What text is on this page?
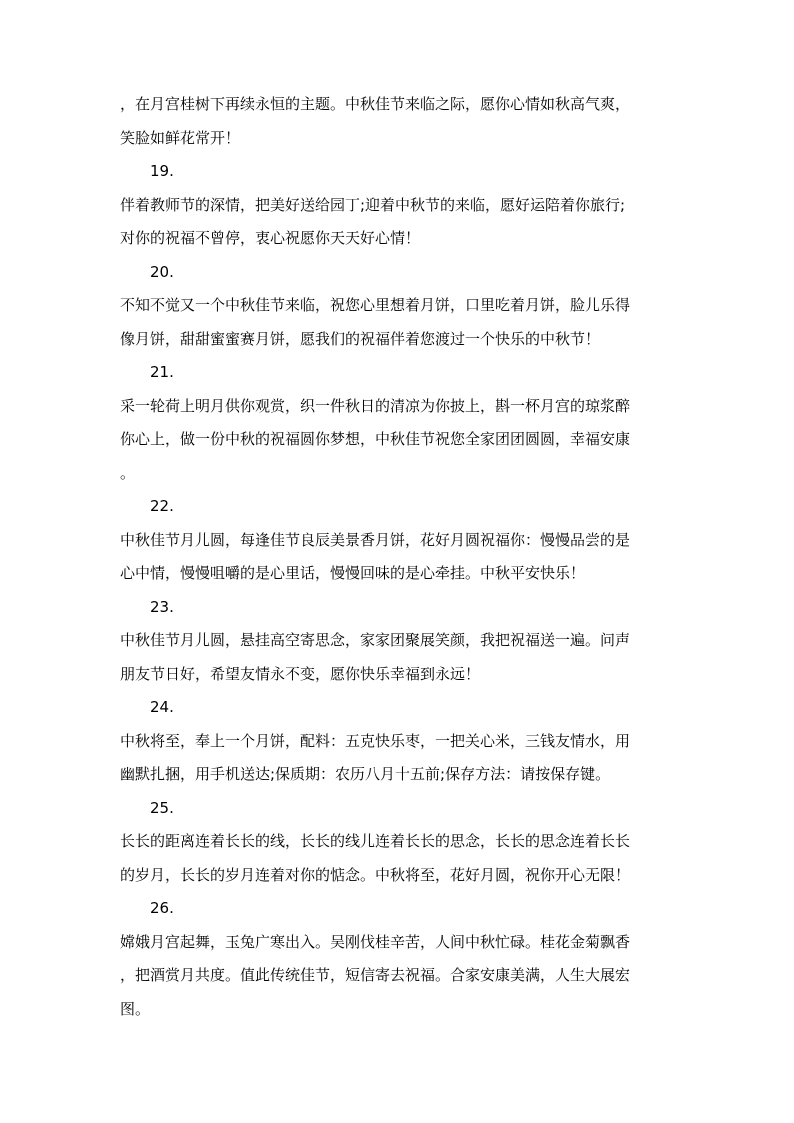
，在月宫桂树下再续永恒的主题。中秋佳节来临之际，愿你心情如秋高气爽，
笑脸如鲜花常开！
19.
伴着教师节的深情，把美好送给园丁;迎着中秋节的来临，愿好运陪着你旅行;
对你的祝福不曾停，衷心祝愿你天天好心情！
20.
不知不觉又一个中秋佳节来临，祝您心里想着月饼，口里吃着月饼，脸儿乐得
像月饼，甜甜蜜蜜赛月饼，愿我们的祝福伴着您渡过一个快乐的中秋节！
21.
采一轮荷上明月供你观赏，织一件秋日的清凉为你披上，斟一杯月宫的琼浆醉
你心上，做一份中秋的祝福圆你梦想，中秋佳节祝您全家团团圆圆，幸福安康
。
22.
中秋佳节月儿圆，每逢佳节良辰美景香月饼，花好月圆祝福你：慢慢品尝的是
心中情，慢慢咀嚼的是心里话，慢慢回味的是心牵挂。中秋平安快乐！
23.
中秋佳节月儿圆，悬挂高空寄思念，家家团聚展笑颜，我把祝福送一遍。问声
朋友节日好，希望友情永不变，愿你快乐幸福到永远！
24.
中秋将至，奉上一个月饼，配料：五克快乐枣，一把关心米，三钱友情水，用
幽默扎捆，用手机送达;保质期：农历八月十五前;保存方法：请按保存键。
25.
长长的距离连着长长的线，长长的线儿连着长长的思念，长长的思念连着长长
的岁月，长长的岁月连着对你的惦念。中秋将至，花好月圆，祝你开心无限！
26.
嫦娥月宫起舞，玉兔广寒出入。吴刚伐桂辛苦，人间中秋忙碌。桂花金菊飘香
，把酒赏月共度。值此传统佳节，短信寄去祝福。合家安康美满，人生大展宏
图。
